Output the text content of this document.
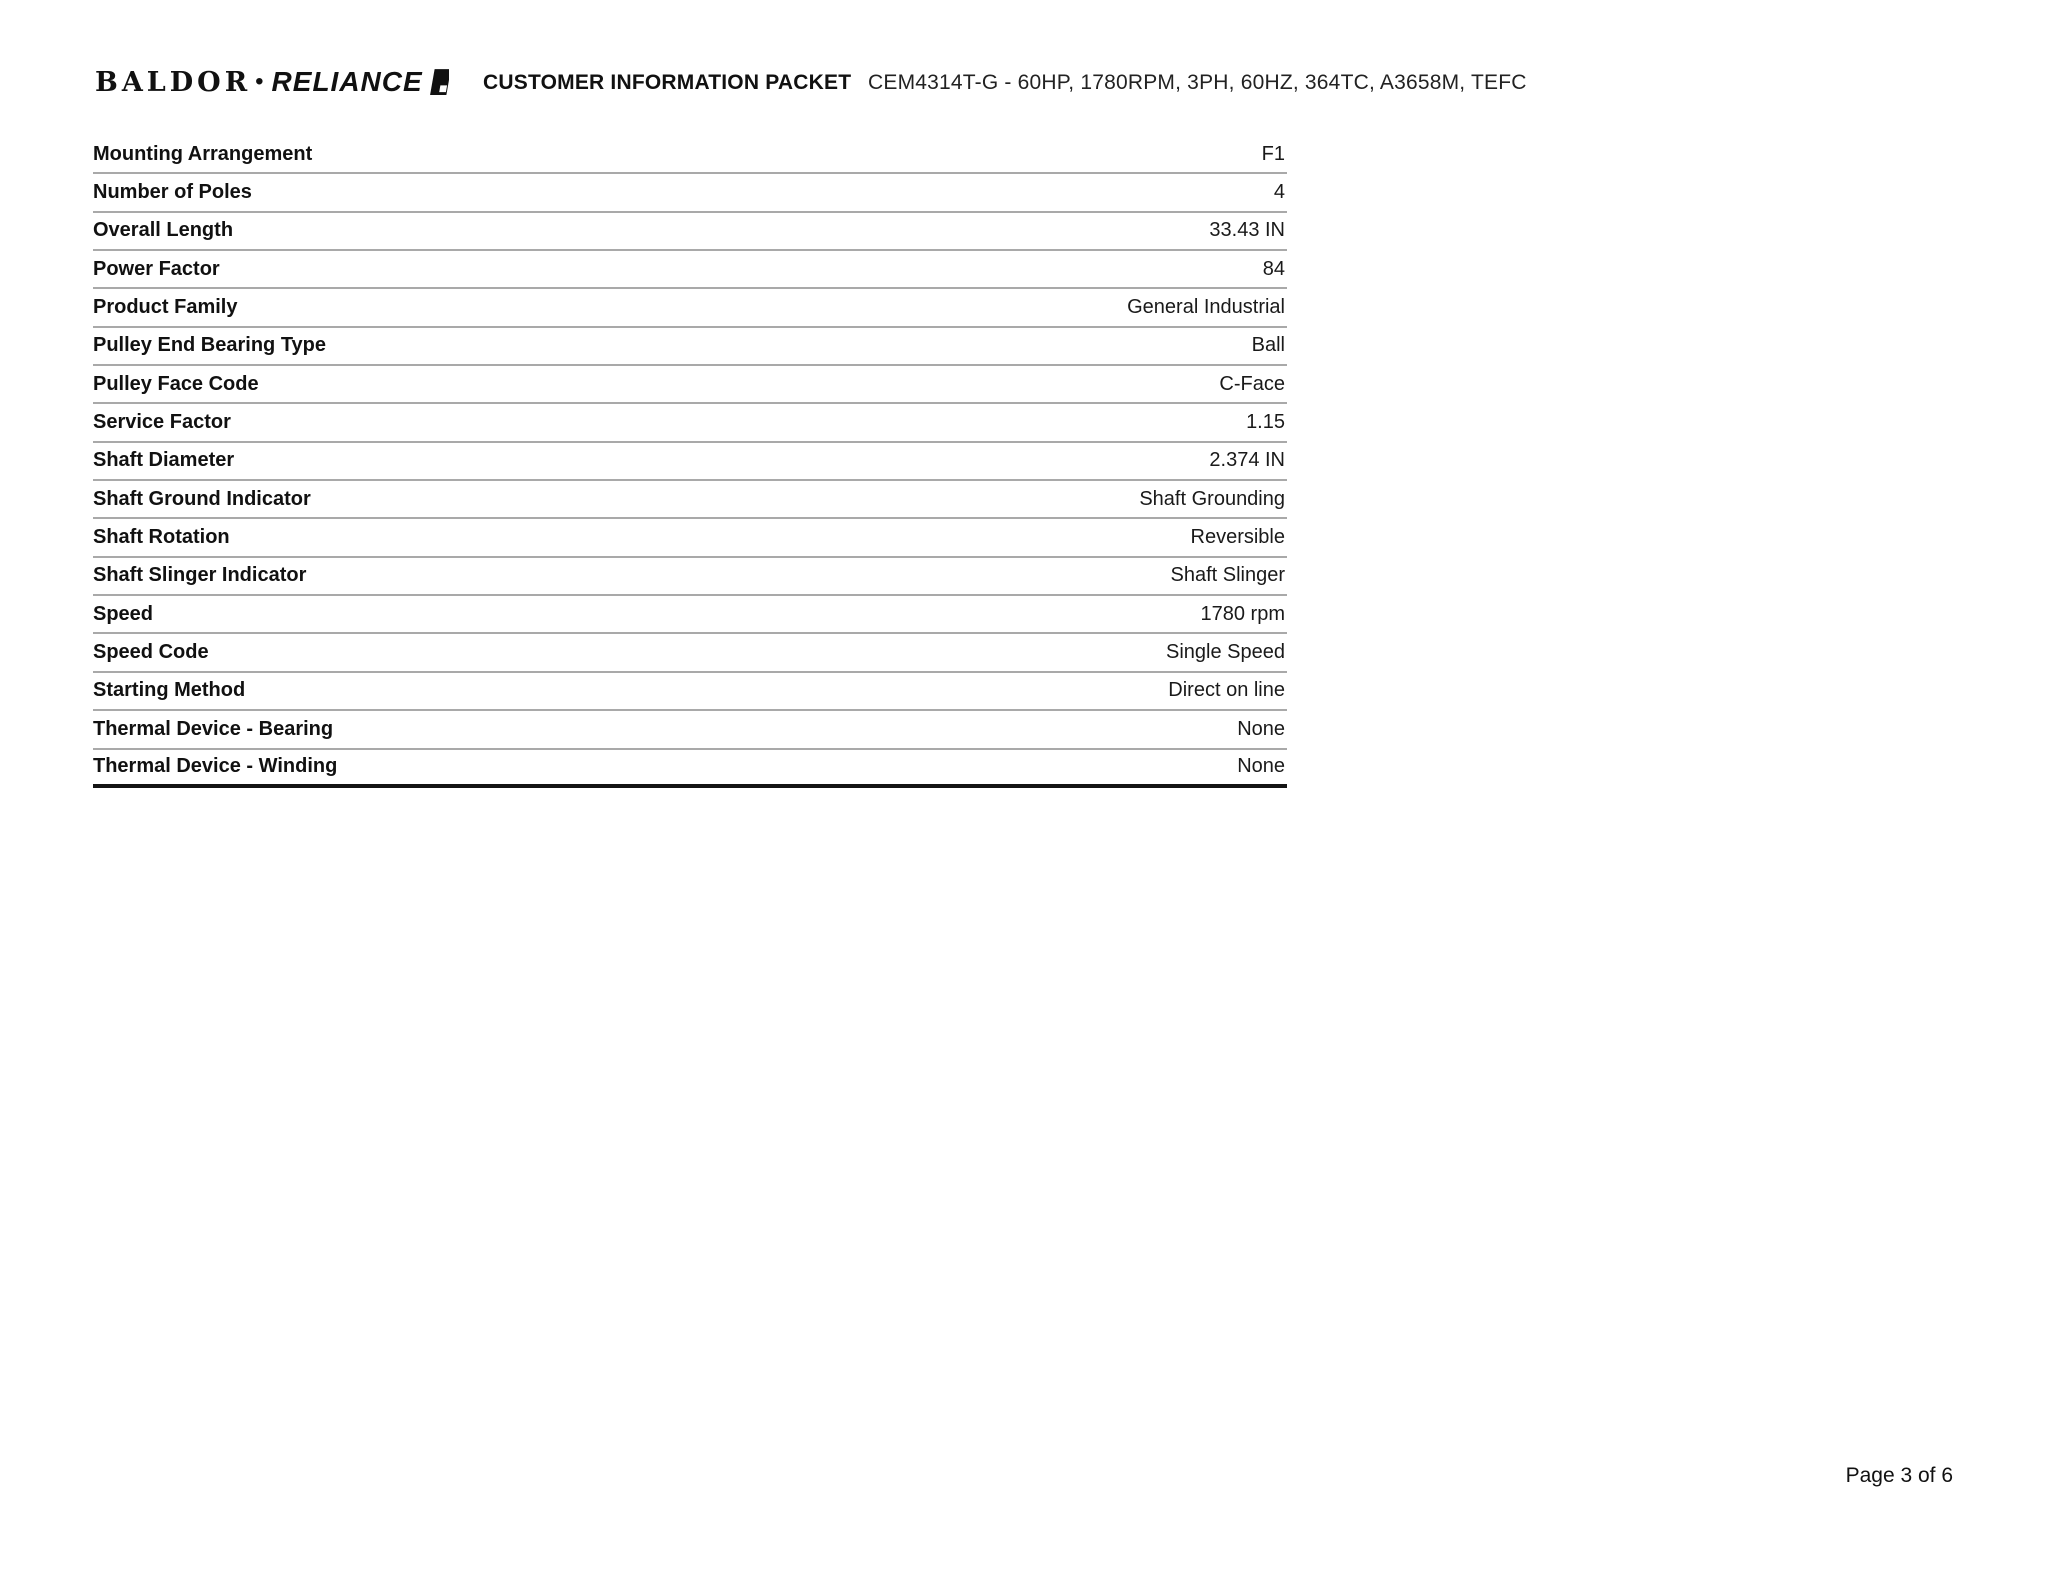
BALDOR • RELIANCE	CUSTOMER INFORMATION PACKET CEM4314T-G - 60HP, 1780RPM, 3PH, 60HZ, 364TC, A3658M, TEFC
Mounting Arrangement	F1
Number of Poles	4
Overall Length	33.43 IN
Power Factor	84
Product Family	General Industrial
Pulley End Bearing Type	Ball
Pulley Face Code	C-Face
Service Factor	1.15
Shaft Diameter	2.374 IN
Shaft Ground Indicator	Shaft Grounding
Shaft Rotation	Reversible
Shaft Slinger Indicator	Shaft Slinger
Speed	1780 rpm
Speed Code	Single Speed
Starting Method	Direct on line
Thermal Device - Bearing	None
Thermal Device - Winding	None
Page 3 of 6
